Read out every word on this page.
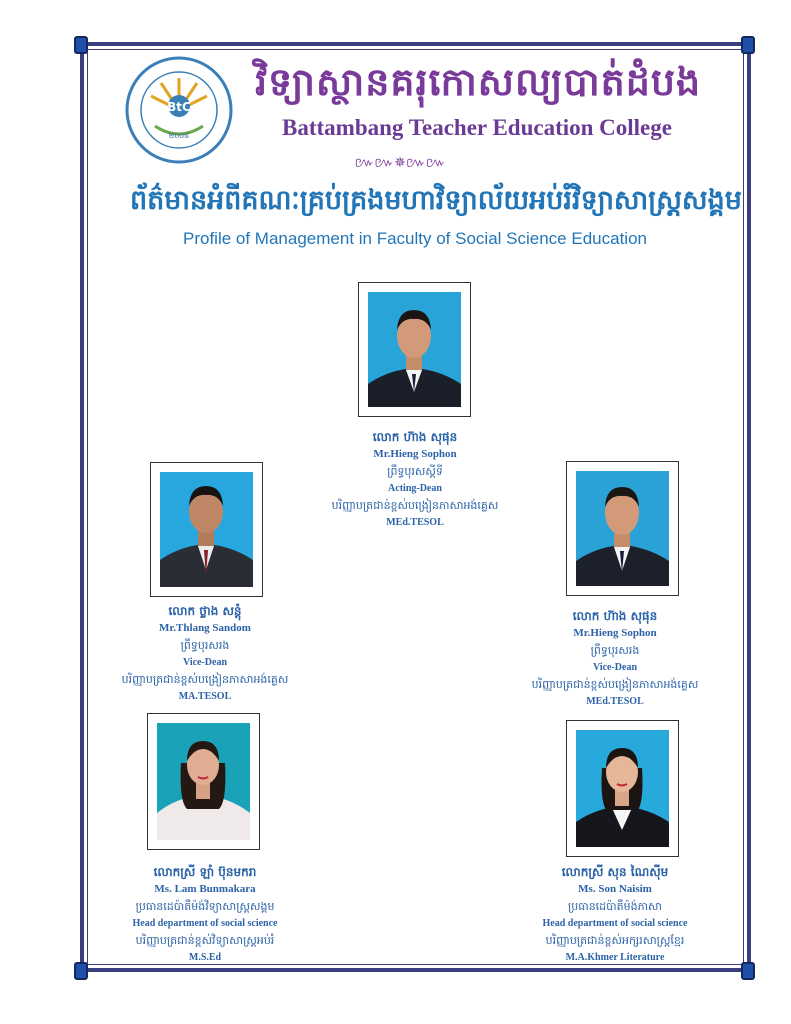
BtC
២០០៨
វិទ្យាស្ថានគរុកោសល្យបាត់ដំបង
Battambang Teacher Education College
៚៚✵៚៚
ព័ត៌មានអំពីគណៈគ្រប់គ្រងមហាវិទ្យាល័យអប់រំវិទ្យាសាស្ត្រសង្គម
Profile of Management in Faculty of Social Science Education
លោក ហ៊ាង សុផុន
Mr.Hieng Sophon
ព្រឹទ្ធបុរសស្តីទី
Acting-Dean
បរិញ្ញាបត្រជាន់ខ្ពស់បង្រៀនភាសាអង់គ្លេស
MEd.TESOL
លោក ថ្លាង សន្តុំ
Mr.Thlang Sandom
ព្រឹទ្ធបុរសរង
Vice-Dean
បរិញ្ញាបត្រជាន់ខ្ពស់បង្រៀនភាសាអង់គ្លេស
MA.TESOL
លោក ហ៊ាង សុផុន
Mr.Hieng Sophon
ព្រឹទ្ធបុរសរង
Vice-Dean
បរិញ្ញាបត្រជាន់ខ្ពស់បង្រៀនភាសាអង់គ្លេស
MEd.TESOL
លោកស្រី ឡាំ ប៊ុនមករា
Ms. Lam Bunmakara
ប្រធានដេប៉ាតឺម៉ង់វិទ្យាសាស្ត្រសង្គម
Head department of social science
បរិញ្ញាបត្រជាន់ខ្ពស់វិទ្យាសាស្ត្រអប់រំ
M.S.Ed
លោកស្រី សុន ណៃស៊ីម
Ms. Son Naisim
ប្រធានដេប៉ាតឺម៉ង់ភាសា
Head department of social science
បរិញ្ញាបត្រជាន់ខ្ពស់អក្សរសាស្ត្រខ្មែរ
M.A.Khmer Literature
